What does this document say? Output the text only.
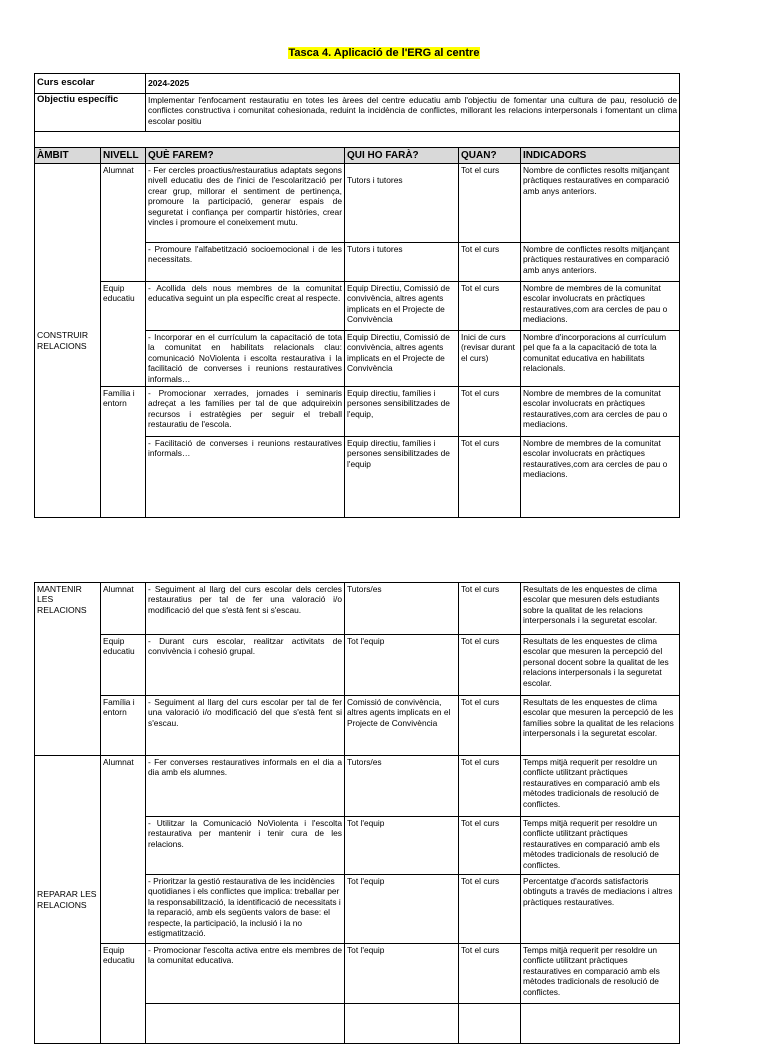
Tasca 4. Aplicació de l'ERG al centre
Curs escolar		2024-2025			
Objectiu específic		Implementar l'enfocament restauratiu en totes les àrees del centre educatiu amb l'objectiu de fomentar una cultura de pau, resolució de conflictes constructiva i comunitat cohesionada, reduint la incidència de conflictes, millorant les relacions interpersonals i fomentant un clima escolar positiu			

ÀMBIT	NIVELL	QUÈ FAREM?	QUI HO FARÀ?	QUAN?	INDICADORS
CONSTRUIR RELACIONS	Alumnat	- Fer cercles proactius/restauratius adaptats segons nivell educatiu des de l'inici de l'escolarització per crear grup, millorar el sentiment de pertinença, promoure la participació, generar espais de seguretat i confiança per compartir històries, crear vincles i promoure el coneixement mutu.	Tutors i tutores	Tot el curs	Nombre de conflictes resolts mitjançant pràctiques restauratives en comparació amb anys anteriors.
		- Promoure l'alfabetització socioemocional i de les necessitats.	Tutors i tutores	Tot el curs	Nombre de conflictes resolts mitjançant pràctiques restauratives en comparació amb anys anteriors.
	Equip educatiu	- Acollida dels nous membres de la comunitat educativa seguint un pla específic creat al respecte.	Equip Directiu, Comissió de convivència, altres agents implicats en el Projecte de Convivència	Tot el curs	Nombre de membres de la comunitat escolar involucrats en pràctiques restauratives,com ara cercles de pau o mediacions.
		- Incorporar en el currículum la capacitació de tota la comunitat en habilitats relacionals clau: comunicació NoViolenta i escolta restaurativa i la facilitació de converses i reunions restauratives informals…	Equip Directiu, Comissió de convivència, altres agents implicats en el Projecte de Convivència	Inici de curs (revisar durant el curs)	Nombre d'incorporacions al currículum pel que fa a la capacitació de tota la comunitat educativa en habilitats relacionals.
	Família i entorn	- Promocionar xerrades, jornades i seminaris adreçat a les famílies per tal de que adquireixin recursos i estratègies per seguir el treball restauratiu de l'escola.	Equip directiu, famílies i persones sensibilitzades de l'equip,	Tot el curs	Nombre de membres de la comunitat escolar involucrats en pràctiques restauratives,com ara cercles de pau o mediacions.
		- Facilitació de converses i reunions restauratives informals…	Equip directiu, famílies i persones sensibilitzades de l'equip	Tot el curs	Nombre de membres de la comunitat escolar involucrats en pràctiques restauratives,com ara cercles de pau o mediacions.
MANTENIR LES RELACIONS	Alumnat	- Seguiment al llarg del curs escolar dels cercles restauratius per tal de fer una valoració i/o modificació del que s'està fent si s'escau.	Tutors/es	Tot el curs	Resultats de les enquestes de clima escolar que mesuren dels estudiants sobre la qualitat de les relacions interpersonals i la seguretat escolar.
	Equip educatiu	- Durant curs escolar, realitzar activitats de convivència i cohesió grupal.	Tot l'equip	Tot el curs	Resultats de les enquestes de clima escolar que mesuren la percepció del personal docent sobre la qualitat de les relacions interpersonals i la seguretat escolar.
	Família i entorn	- Seguiment al llarg del curs escolar per tal de fer una valoració i/o modificació del que s'està fent si s'escau.	Comissió de convivència, altres agents implicats en el Projecte de Convivència	Tot el curs	Resultats de les enquestes de clima escolar que mesuren la percepció de les famílies sobre la qualitat de les relacions interpersonals i la seguretat escolar.
REPARAR LES RELACIONS	Alumnat	- Fer converses restauratives informals en el dia a dia amb els alumnes.	Tutors/es	Tot el curs	Temps mitjà requerit per resoldre un conflicte utilitzant pràctiques restauratives en comparació amb els mètodes tradicionals de resolució de conflictes.
		- Utilitzar la Comunicació NoViolenta i l'escolta restaurativa per mantenir i tenir cura de les relacions.	Tot l'equip	Tot el curs	Temps mitjà requerit per resoldre un conflicte utilitzant pràctiques restauratives en comparació amb els mètodes tradicionals de resolució de conflictes.
		- Prioritzar la gestió restaurativa de les incidències quotidianes i els conflictes que implica: treballar per la responsabilització, la identificació de necessitats i la reparació, amb els següents valors de base: el respecte, la participació, la inclusió i la no estigmatització.	Tot l'equip	Tot el curs	Percentatge d'acords satisfactoris obtinguts a través de mediacions i altres pràctiques restauratives.
	Equip educatiu	- Promocionar l'escolta activa entre els membres de la comunitat educativa.	Tot l'equip	Tot el curs	Temps mitjà requerit per resoldre un conflicte utilitzant pràctiques restauratives en comparació amb els mètodes tradicionals de resolució de conflictes.
